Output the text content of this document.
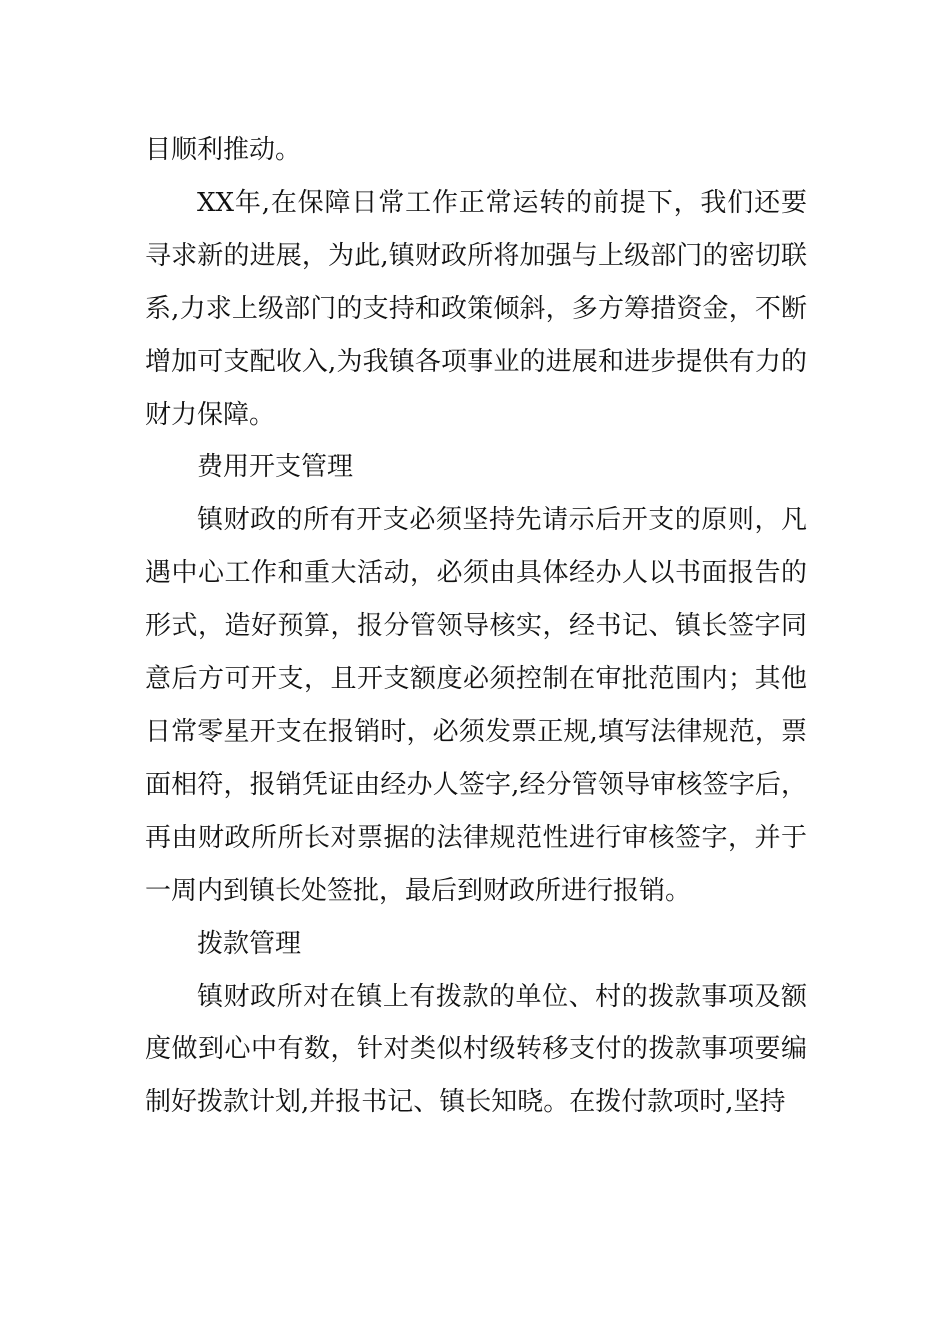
目顺利推动。

XX年,在保障日常工作正常运转的前提下，我们还要寻求新的进展，为此,镇财政所将加强与上级部门的密切联系,力求上级部门的支持和政策倾斜，多方筹措资金，不断增加可支配收入,为我镇各项事业的进展和进步提供有力的财力保障。

费用开支管理

镇财政的所有开支必须坚持先请示后开支的原则，凡遇中心工作和重大活动，必须由具体经办人以书面报告的形式，造好预算，报分管领导核实，经书记、镇长签字同意后方可开支，且开支额度必须控制在审批范围内；其他日常零星开支在报销时，必须发票正规,填写法律规范，票面相符，报销凭证由经办人签字,经分管领导审核签字后，再由财政所所长对票据的法律规范性进行审核签字，并于一周内到镇长处签批，最后到财政所进行报销。

拨款管理

镇财政所对在镇上有拨款的单位、村的拨款事项及额度做到心中有数，针对类似村级转移支付的拨款事项要编制好拨款计划,并报书记、镇长知晓。在拨付款项时,坚持
